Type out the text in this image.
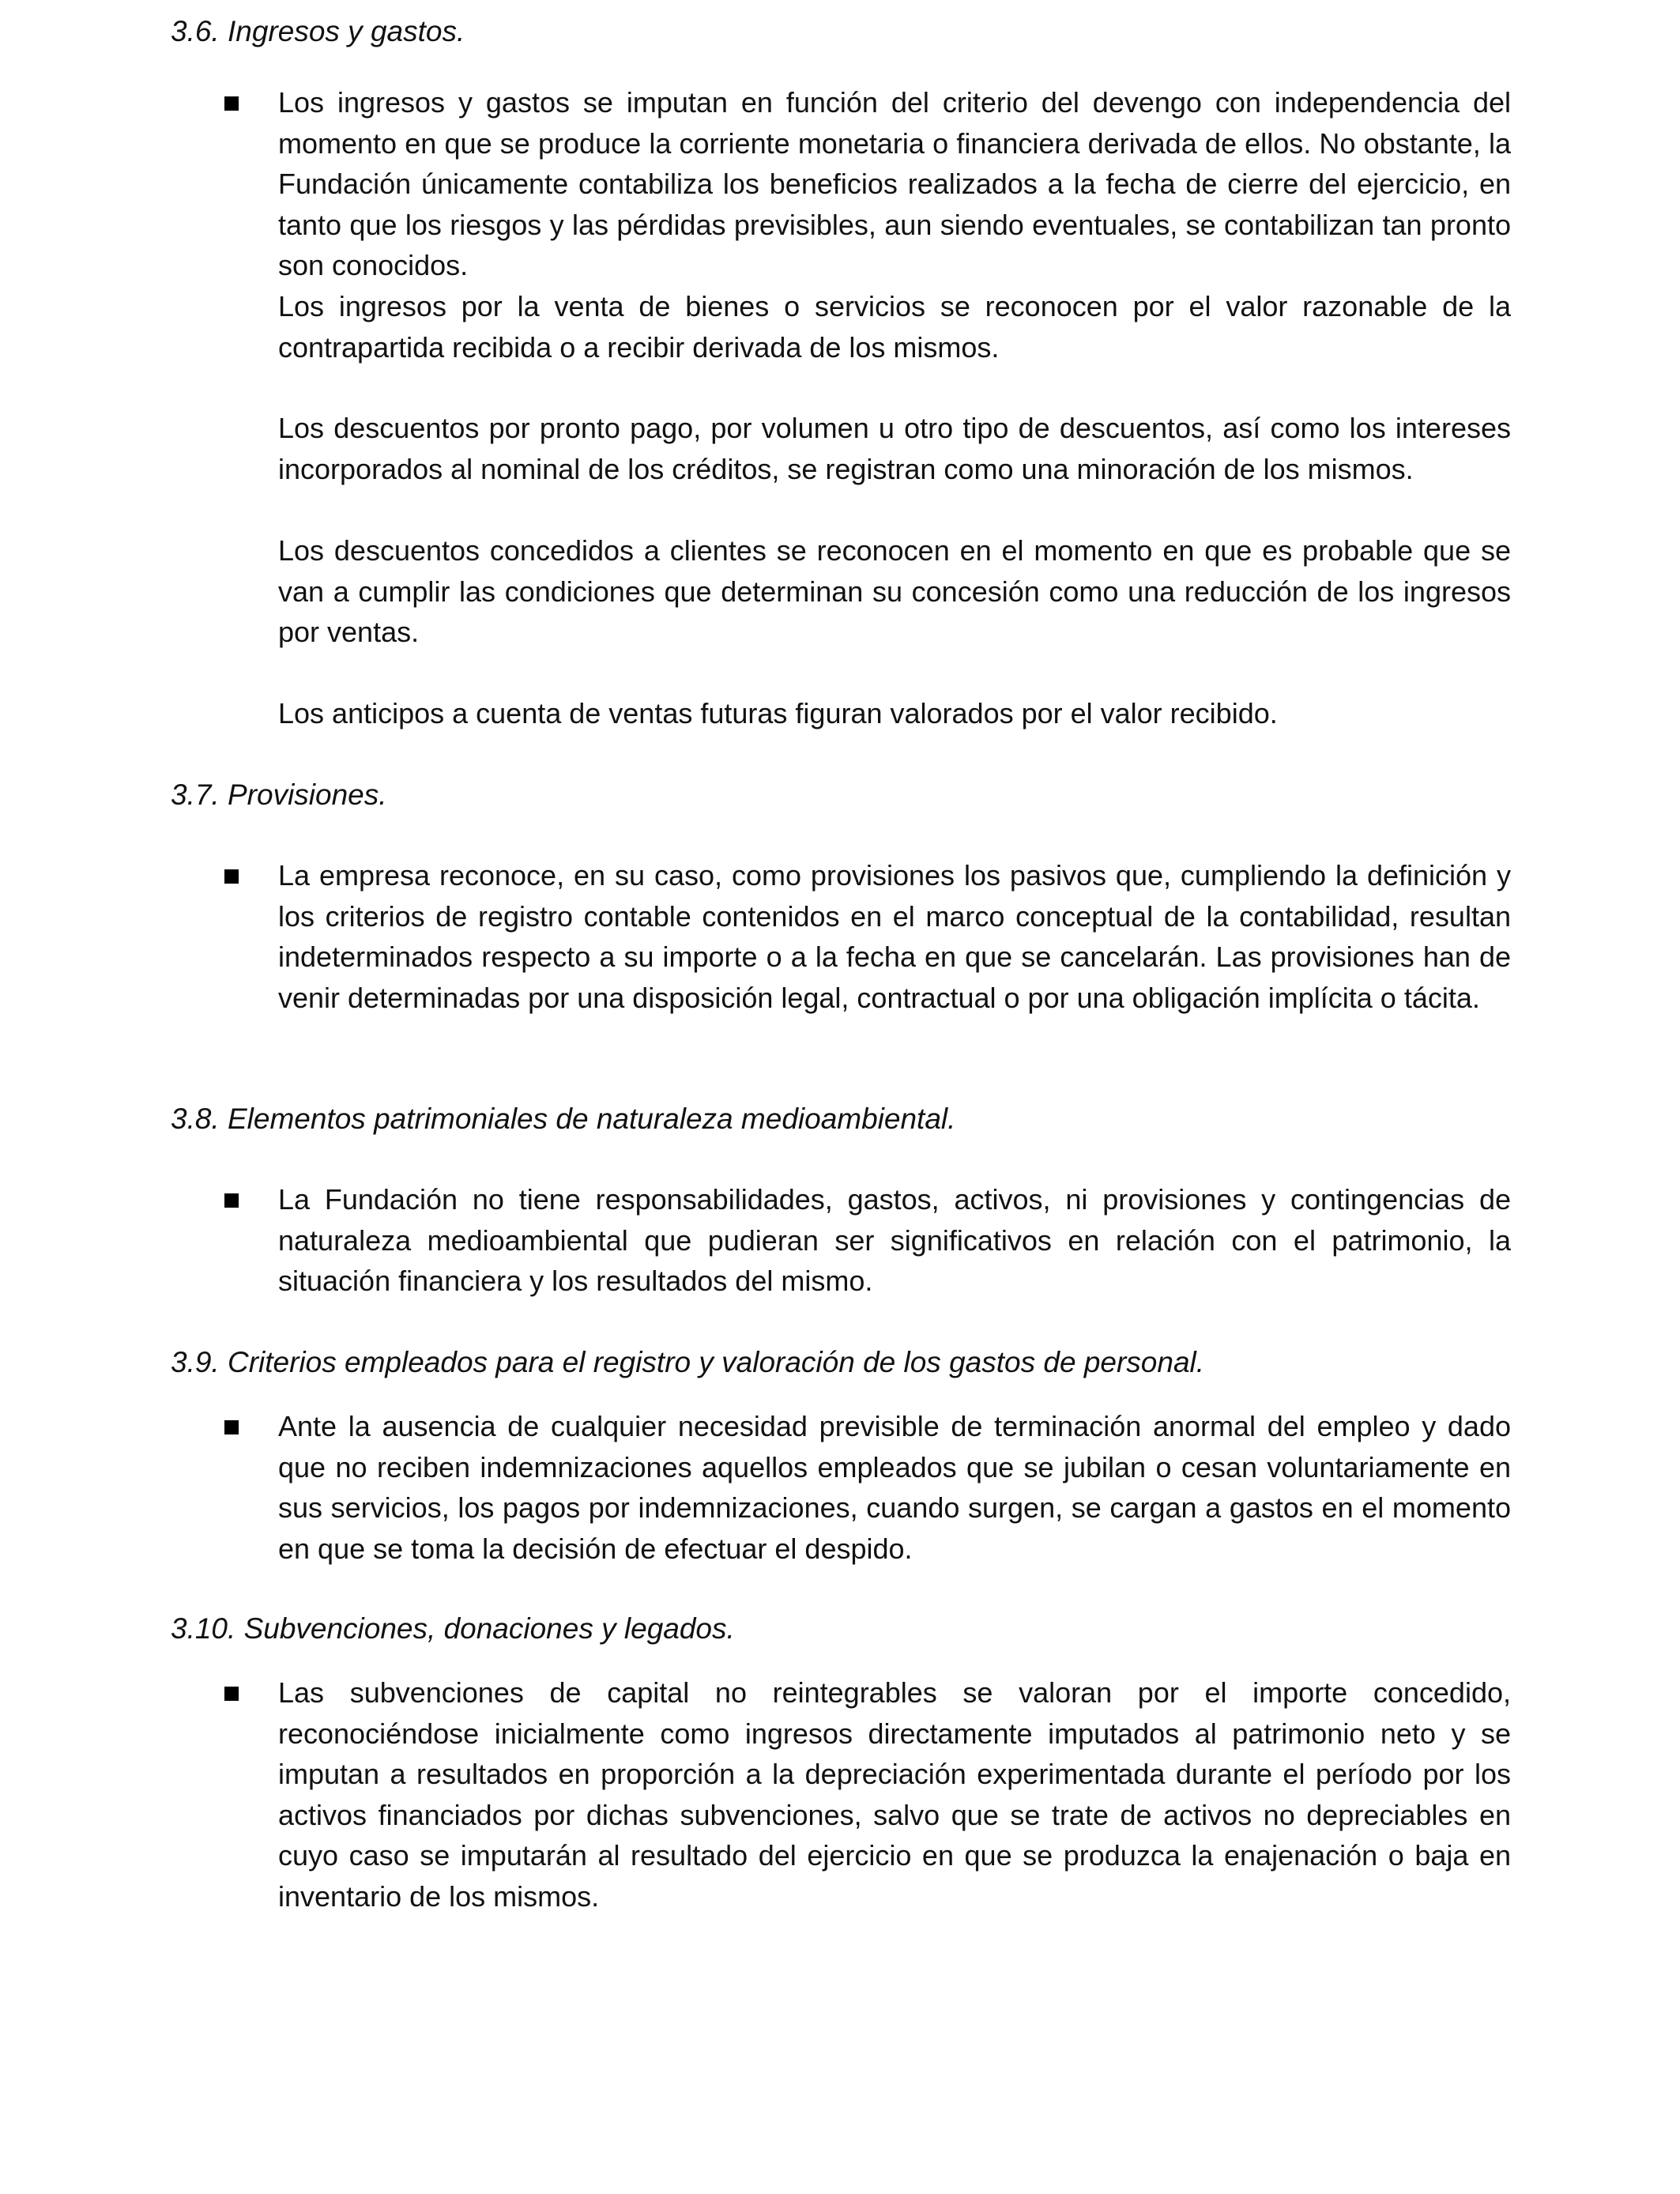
3.6. Ingresos y gastos.

Los ingresos y gastos se imputan en función del criterio del devengo con independencia del momento en que se produce la corriente monetaria o financiera derivada de ellos. No obstante, la Fundación únicamente contabiliza los beneficios realizados a la fecha de cierre del ejercicio, en tanto que los riesgos y las pérdidas previsibles, aun siendo eventuales, se contabilizan tan pronto son conocidos.

Los ingresos por la venta de bienes o servicios se reconocen por el valor razonable de la contrapartida recibida o a recibir derivada de los mismos.

Los descuentos por pronto pago, por volumen u otro tipo de descuentos, así como los intereses incorporados al nominal de los créditos, se registran como una minoración de los mismos.

Los descuentos concedidos a clientes se reconocen en el momento en que es probable que se van a cumplir las condiciones que determinan su concesión como una reducción de los ingresos por ventas.

Los anticipos a cuenta de ventas futuras figuran valorados por el valor recibido.

3.7. Provisiones.

La empresa reconoce, en su caso, como provisiones los pasivos que, cumpliendo la definición y los criterios de registro contable contenidos en el marco conceptual de la contabilidad, resultan indeterminados respecto a su importe o a la fecha en que se cancelarán. Las provisiones han de venir determinadas por una disposición legal, contractual o por una obligación implícita o tácita.

3.8. Elementos patrimoniales de naturaleza medioambiental.

La Fundación no tiene responsabilidades, gastos, activos, ni provisiones y contingencias de naturaleza medioambiental que pudieran ser significativos en relación con el patrimonio, la situación financiera y los resultados del mismo.

3.9. Criterios empleados para el registro y valoración de los gastos de personal.

Ante la ausencia de cualquier necesidad previsible de terminación anormal del empleo y dado que no reciben indemnizaciones aquellos empleados que se jubilan o cesan voluntariamente en sus servicios, los pagos por indemnizaciones, cuando surgen, se cargan a gastos en el momento en que se toma la decisión de efectuar el despido.

3.10. Subvenciones, donaciones y legados.

Las subvenciones de capital no reintegrables se valoran por el importe concedido, reconociéndose inicialmente como ingresos directamente imputados al patrimonio neto y se imputan a resultados en proporción a la depreciación experimentada durante el período por los activos financiados por dichas subvenciones, salvo que se trate de activos no depreciables en cuyo caso se imputarán al resultado del ejercicio en que se produzca la enajenación o baja en inventario de los mismos.
